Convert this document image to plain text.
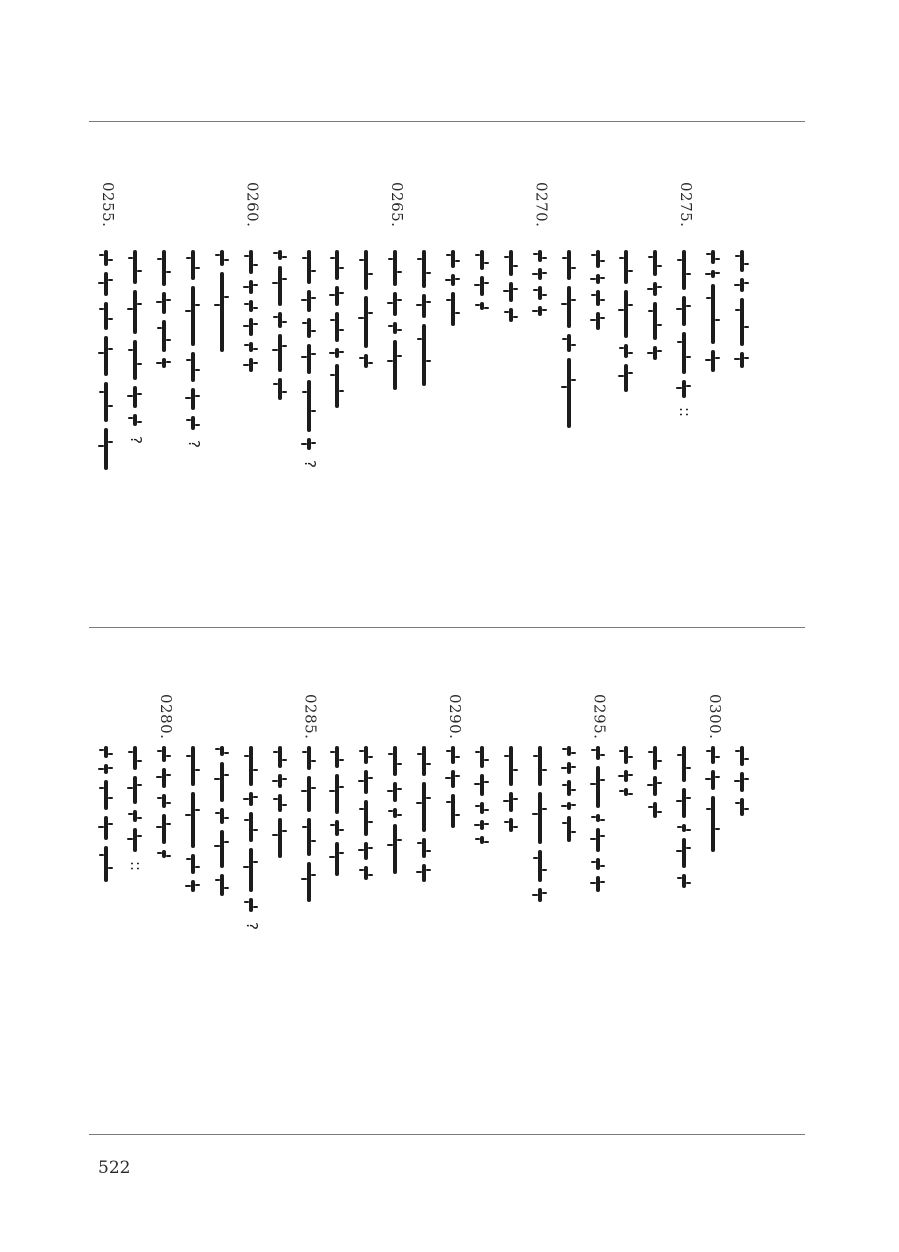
0275.
::
0270.
0265.
?
0260.
?
?
0255.
0300.
0295.
0290.
0285.
?
0280.
::
522
